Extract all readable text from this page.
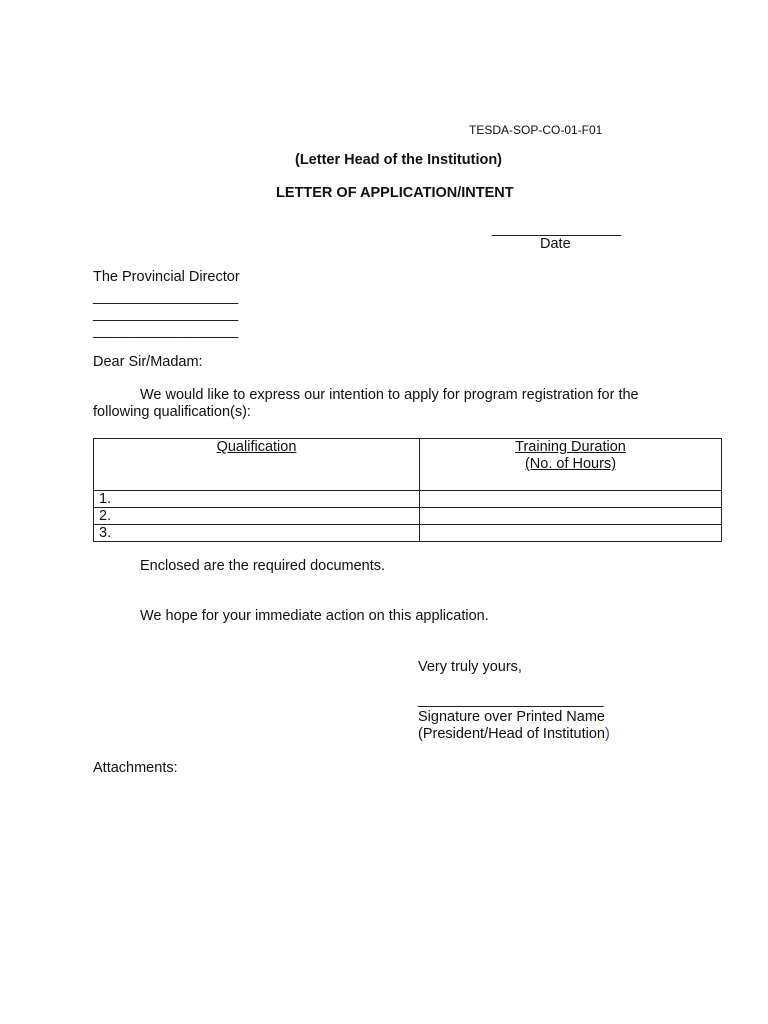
TESDA-SOP-CO-01-F01
(Letter Head of the Institution)
LETTER OF APPLICATION/INTENT
________________
Date
The Provincial Director
__________________
__________________
__________________
Dear Sir/Madam:
We would like to express our intention to apply for program registration for the
following qualification(s):
Qualification	Training Duration
(No. of Hours)
1.	
2.	
3.	
Enclosed are the required documents.
We hope for your immediate action on this application.
Very truly yours,
_______________________
Signature over Printed Name
(President/Head of Institution)
Attachments:
